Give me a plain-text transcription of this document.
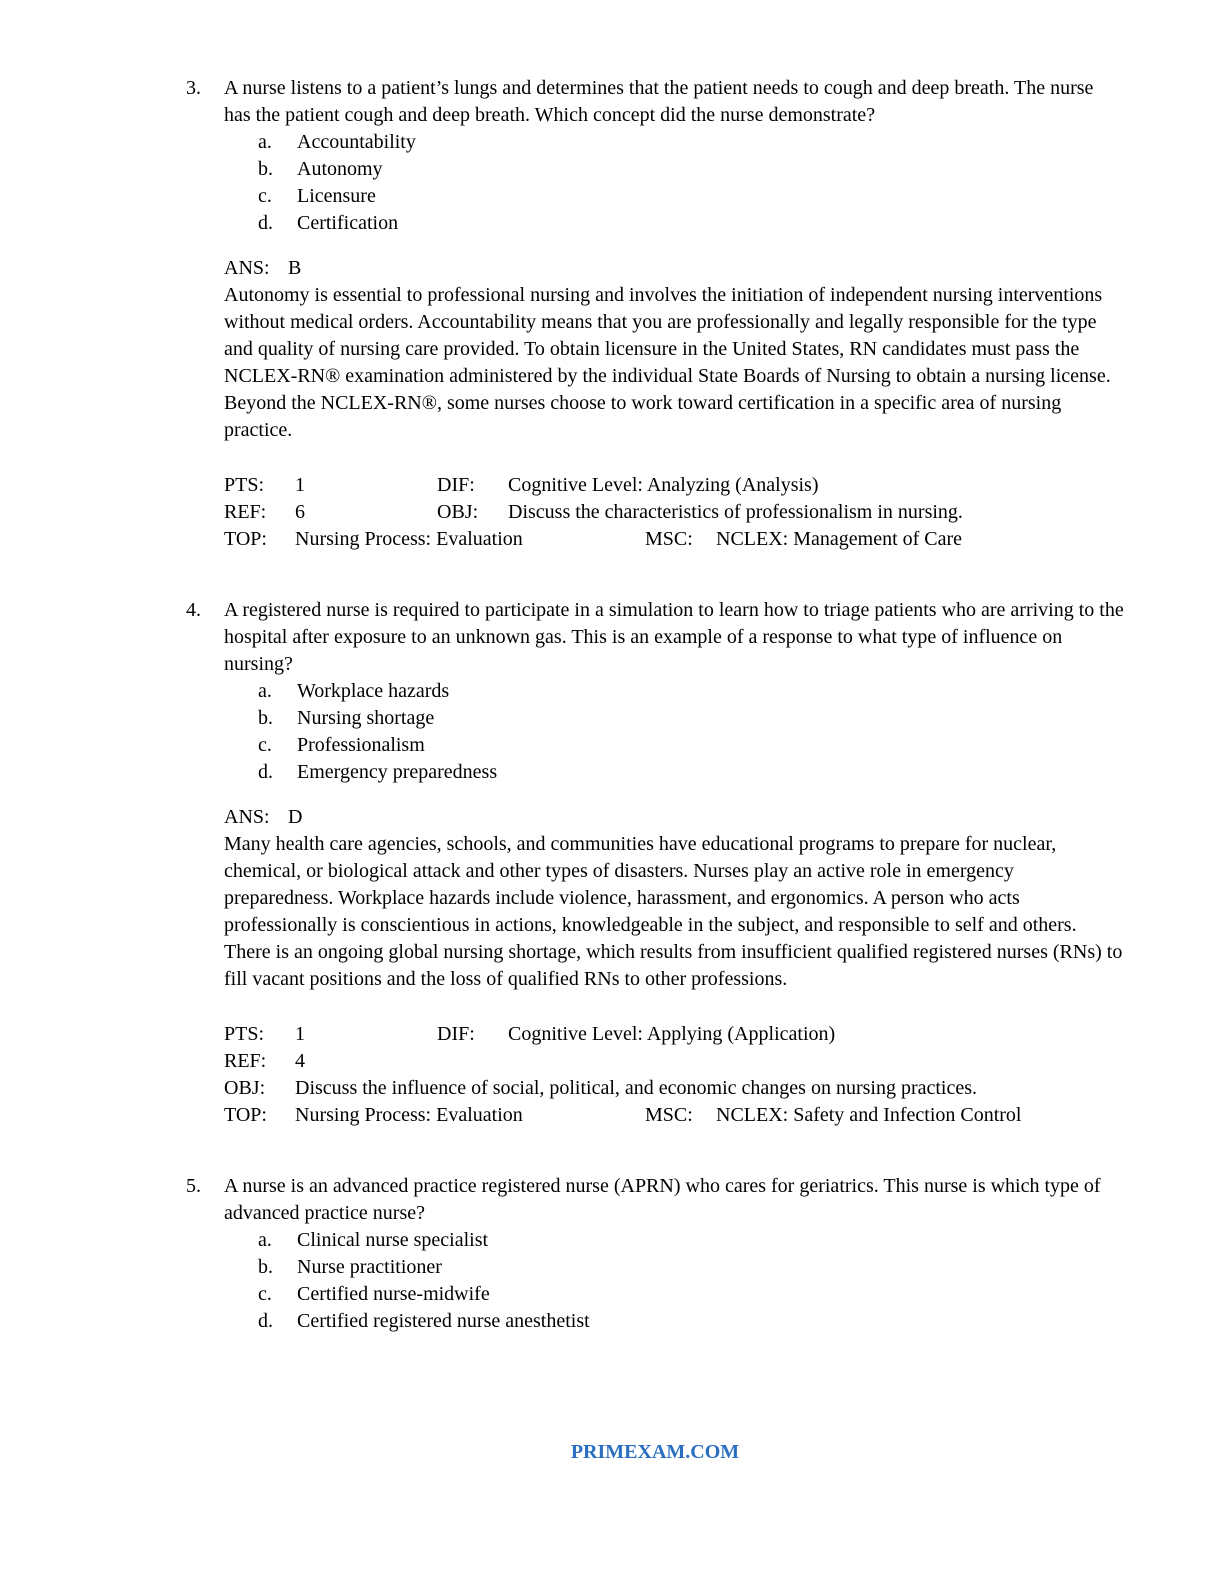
3.	A nurse listens to a patient’s lungs and determines that the patient needs to cough and deep breath. The nurse has the patient cough and deep breath. Which concept did the nurse demonstrate?
a.	Accountability
b.	Autonomy
c.	Licensure
d.	Certification
ANS: B
Autonomy is essential to professional nursing and involves the initiation of independent nursing interventions without medical orders. Accountability means that you are professionally and legally responsible for the type and quality of nursing care provided. To obtain licensure in the United States, RN candidates must pass the NCLEX-RN® examination administered by the individual State Boards of Nursing to obtain a nursing license. Beyond the NCLEX-RN®, some nurses choose to work toward certification in a specific area of nursing practice.
PTS:	1	DIF:	Cognitive Level: Analyzing (Analysis)
REF:	6	OBJ:	Discuss the characteristics of professionalism in nursing.
TOP:	Nursing Process: Evaluation	MSC:	NCLEX: Management of Care
4.	A registered nurse is required to participate in a simulation to learn how to triage patients who are arriving to the hospital after exposure to an unknown gas. This is an example of a response to what type of influence on nursing?
a.	Workplace hazards
b.	Nursing shortage
c.	Professionalism
d.	Emergency preparedness
ANS: D
Many health care agencies, schools, and communities have educational programs to prepare for nuclear, chemical, or biological attack and other types of disasters. Nurses play an active role in emergency preparedness. Workplace hazards include violence, harassment, and ergonomics. A person who acts professionally is conscientious in actions, knowledgeable in the subject, and responsible to self and others. There is an ongoing global nursing shortage, which results from insufficient qualified registered nurses (RNs) to fill vacant positions and the loss of qualified RNs to other professions.
PTS:	1	DIF:	Cognitive Level: Applying (Application)
REF:	4
OBJ:	Discuss the influence of social, political, and economic changes on nursing practices.
TOP:	Nursing Process: Evaluation	MSC:	NCLEX: Safety and Infection Control
5.	A nurse is an advanced practice registered nurse (APRN) who cares for geriatrics. This nurse is which type of advanced practice nurse?
a.	Clinical nurse specialist
b.	Nurse practitioner
c.	Certified nurse-midwife
d.	Certified registered nurse anesthetist
PRIMEXAM.COM
